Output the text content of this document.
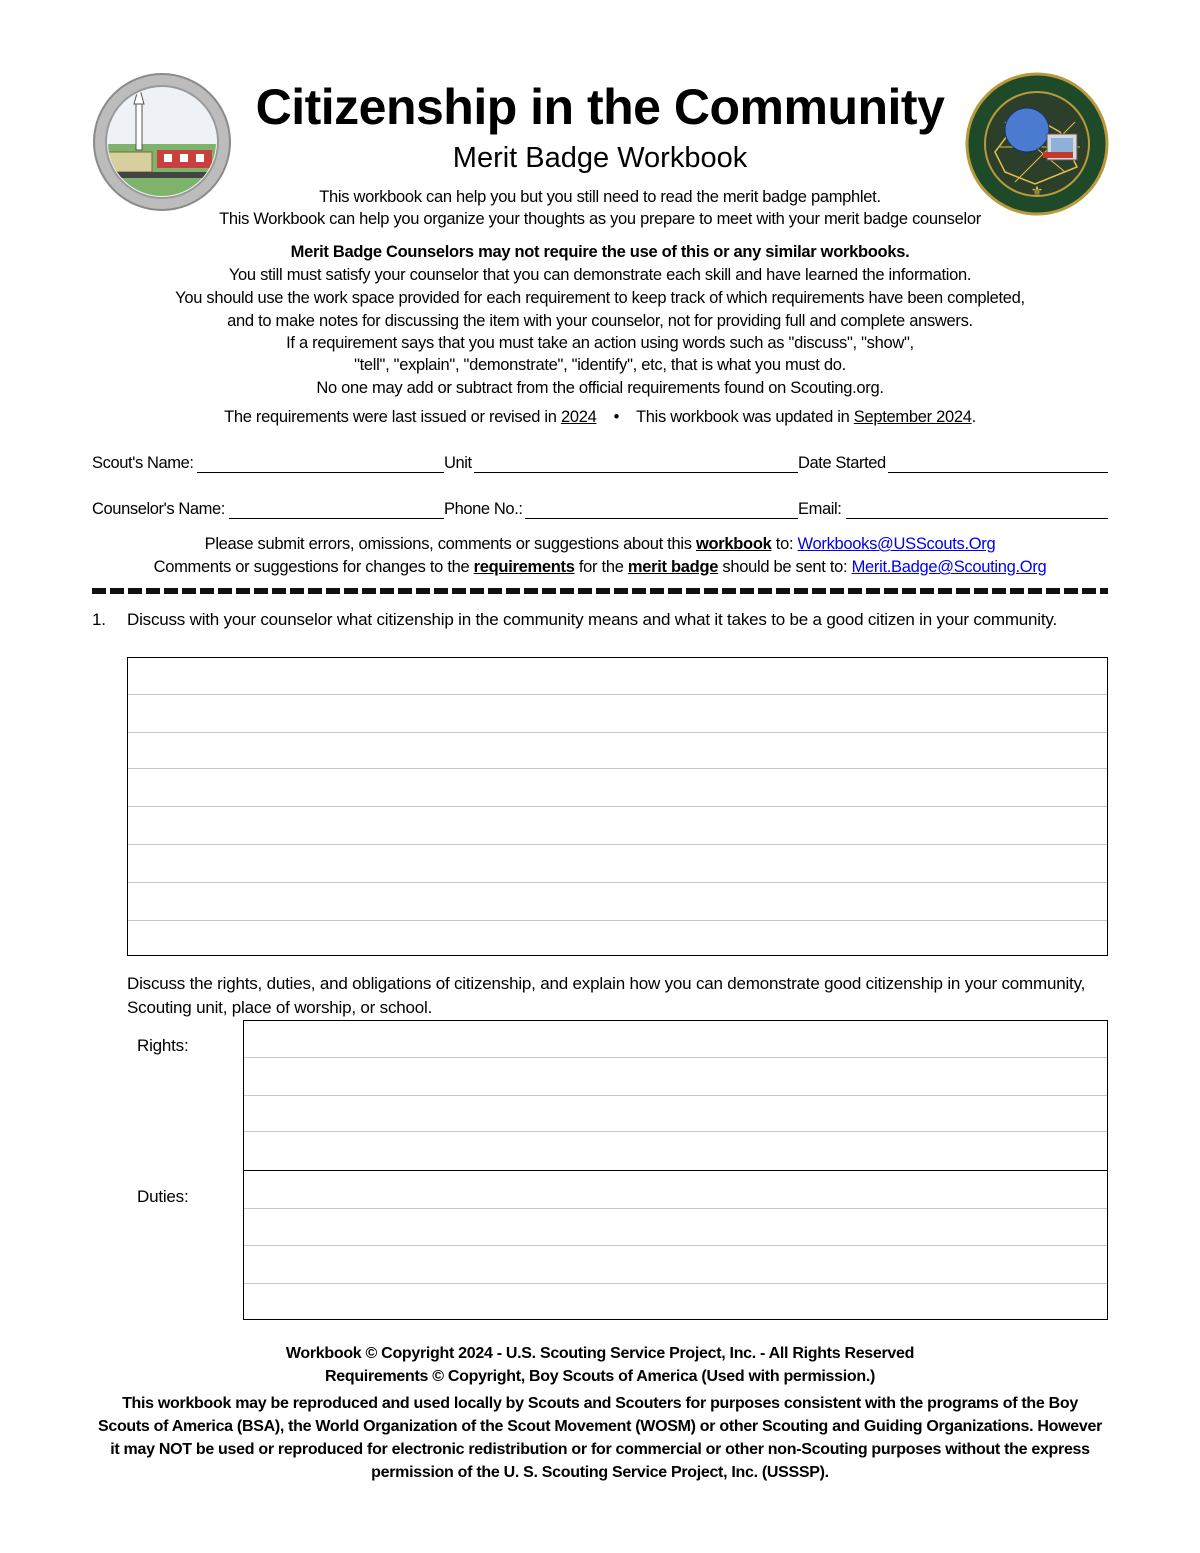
⚜
Citizenship in the Community
Merit Badge Workbook
This workbook can help you but you still need to read the merit badge pamphlet.
This Workbook can help you organize your thoughts as you prepare to meet with your merit badge counselor
Merit Badge Counselors may not require the use of this or any similar workbooks.
You still must satisfy your counselor that you can demonstrate each skill and have learned the information.
You should use the work space provided for each requirement to keep track of which requirements have been completed,
and to make notes for discussing the item with your counselor, not for providing full and complete answers.
If a requirement says that you must take an action using words such as "discuss", "show",
"tell", "explain", "demonstrate", "identify", etc, that is what you must do.
No one may add or subtract from the official requirements found on Scouting.org.
The requirements were last issued or revised in 2024 • This workbook was updated in September 2024.
Scout's Name:	Unit	Date Started
Counselor's Name:	Phone No.:	Email:
Please submit errors, omissions, comments or suggestions about this workbook to: Workbooks@USScouts.Org
Comments or suggestions for changes to the requirements for the merit badge should be sent to: Merit.Badge@Scouting.Org
1. Discuss with your counselor what citizenship in the community means and what it takes to be a good citizen in your community.
Discuss the rights, duties, and obligations of citizenship, and explain how you can demonstrate good citizenship in your community, Scouting unit, place of worship, or school.
Rights:
Duties:
Workbook © Copyright 2024 - U.S. Scouting Service Project, Inc. - All Rights Reserved
Requirements © Copyright, Boy Scouts of America (Used with permission.)
This workbook may be reproduced and used locally by Scouts and Scouters for purposes consistent with the programs of the Boy Scouts of America (BSA), the World Organization of the Scout Movement (WOSM) or other Scouting and Guiding Organizations. However it may NOT be used or reproduced for electronic redistribution or for commercial or other non-Scouting purposes without the express permission of the U. S. Scouting Service Project, Inc. (USSSP).
